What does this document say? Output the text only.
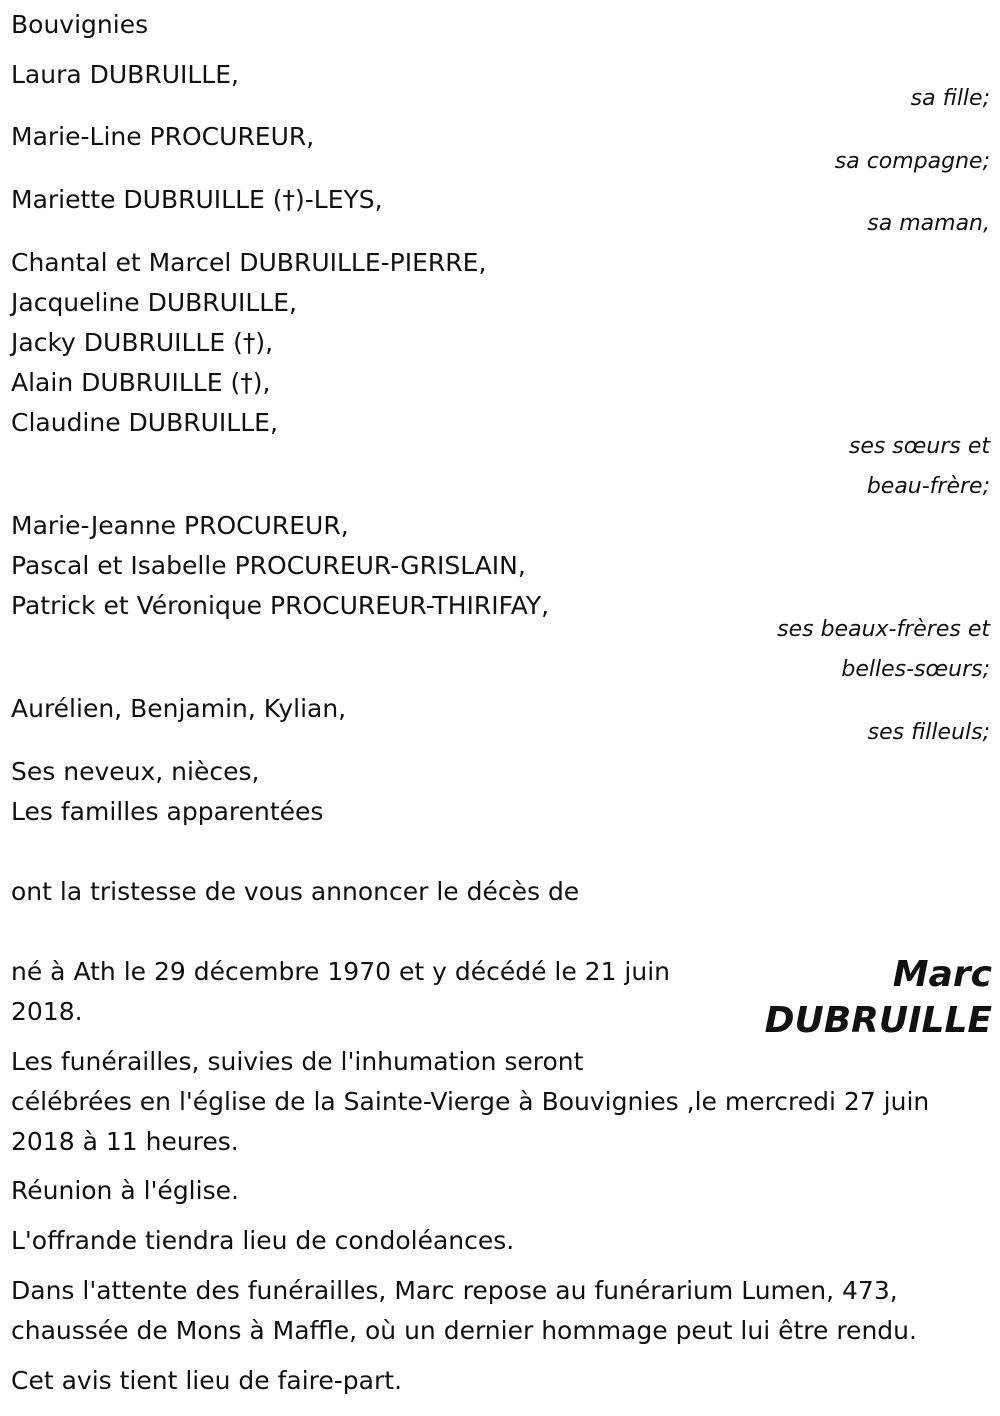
Bouvignies
Laura DUBRUILLE,
sa fille;
Marie-Line PROCUREUR,
sa compagne;
Mariette DUBRUILLE (†)-LEYS,
sa maman,
Chantal et Marcel DUBRUILLE-PIERRE,
Jacqueline DUBRUILLE,
Jacky DUBRUILLE (†),
Alain DUBRUILLE (†),
Claudine DUBRUILLE,
ses sœurs et
beau-frère;
Marie-Jeanne PROCUREUR,
Pascal et Isabelle PROCUREUR-GRISLAIN,
Patrick et Véronique PROCUREUR-THIRIFAY,
ses beaux-frères et
belles-sœurs;
Aurélien, Benjamin, Kylian,
ses filleuls;
Ses neveux, nièces,
Les familles apparentées
ont la tristesse de vous annoncer le décès de
Marc
DUBRUILLE
né à Ath le 29 décembre 1970 et y décédé le 21 juin
2018.
Les funérailles, suivies de l'inhumation seront
célébrées en l'église de la Sainte-Vierge à Bouvignies ,le mercredi 27 juin
2018 à 11 heures.
Réunion à l'église.
L'offrande tiendra lieu de condoléances.
Dans l'attente des funérailles, Marc repose au funérarium Lumen, 473,
chaussée de Mons à Maffle, où un dernier hommage peut lui être rendu.
Cet avis tient lieu de faire-part.
